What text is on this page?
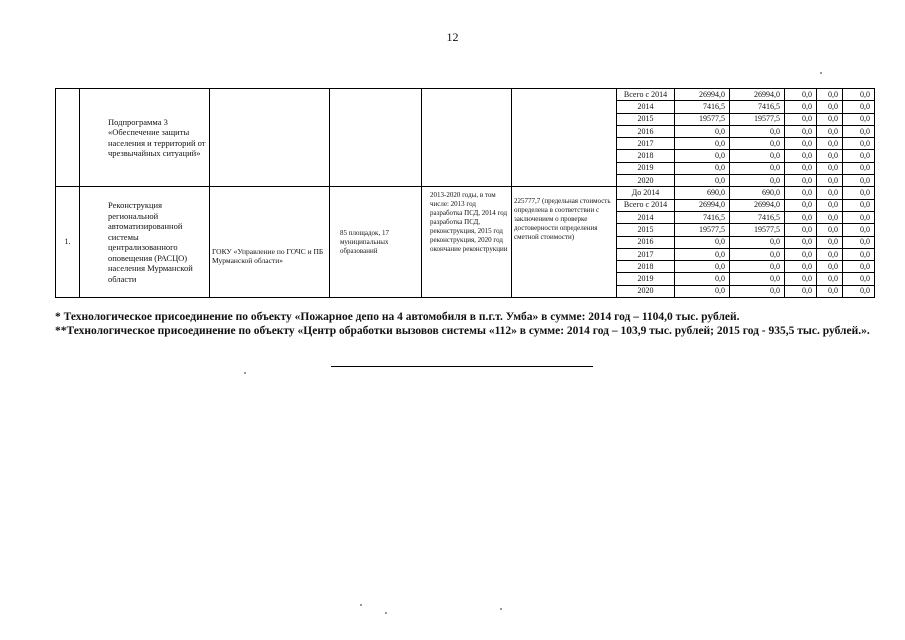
12
	Подпрограмма 3 «Обеспечение защиты населения и территорий от чрезвычайных ситуаций»					Всего с 2014	26994,0	26994,0	0,0	0,0	0,0
						2014	7416,5	7416,5	0,0	0,0	0,0
						2015	19577,5	19577,5	0,0	0,0	0,0
						2016	0,0	0,0	0,0	0,0	0,0
						2017	0,0	0,0	0,0	0,0	0,0
						2018	0,0	0,0	0,0	0,0	0,0
						2019	0,0	0,0	0,0	0,0	0,0
						2020	0,0	0,0	0,0	0,0	0,0
1.	Реконструкция региональной автоматизированной системы централизованного оповещения (РАСЦО) населения Мурманской области	ГОКУ «Управление по ГОЧС и ПБ Мурманской области»	85 площадок, 17 муниципальных образований	2013-2020 годы, в том числе: 2013 год разработка ПСД, 2014 год разработка ПСД, реконструкция, 2015 год реконструкция, 2020 год окончание реконструкции	225777,7 (предельная стоимость определена в соответствии с заключением о проверке достоверности определения сметной стоимости)	До 2014	690,0	690,0	0,0	0,0	0,0
						Всего с 2014	26994,0	26994,0	0,0	0,0	0,0
						2014	7416,5	7416,5	0,0	0,0	0,0
						2015	19577,5	19577,5	0,0	0,0	0,0
						2016	0,0	0,0	0,0	0,0	0,0
						2017	0,0	0,0	0,0	0,0	0,0
						2018	0,0	0,0	0,0	0,0	0,0
						2019	0,0	0,0	0,0	0,0	0,0
						2020	0,0	0,0	0,0	0,0	0,0
* Технологическое присоединение по объекту «Пожарное депо на 4 автомобиля в п.г.т. Умба» в сумме: 2014 год – 1104,0 тыс. рублей.
**Технологическое присоединение по объекту «Центр обработки вызовов системы «112» в сумме: 2014 год – 103,9 тыс. рублей; 2015 год - 935,5 тыс. рублей.».
